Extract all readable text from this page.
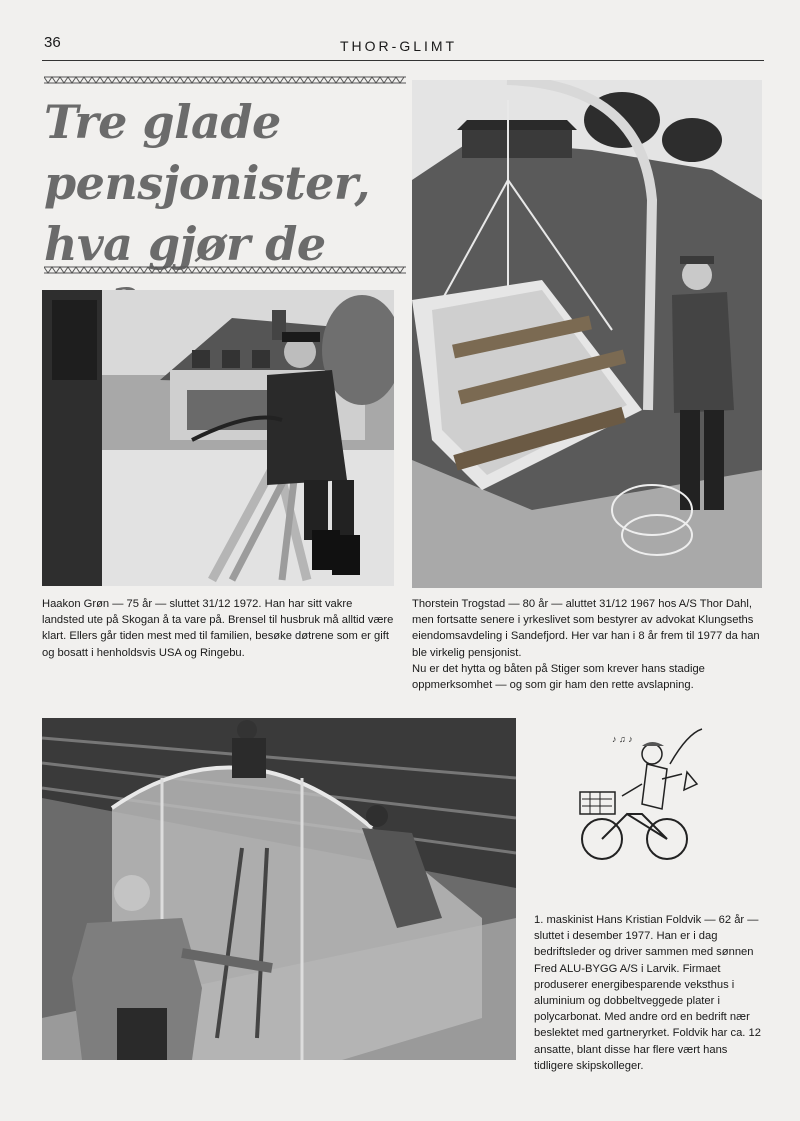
36	THOR-GLIMT
Tre glade
pensjonister,
hva gjør de

Haakon Grøn — 75 år — sluttet 31/12 1972. Han har sitt vakre landsted ute på Skogan å ta vare på. Brensel til husbruk må alltid være klart. Ellers går tiden mest med til familien, besøke døtrene som er gift og bosatt i henholdsvis USA og Ringebu.

Thorstein Trogstad — 80 år — aluttet 31/12 1967 hos A/S Thor Dahl, men fortsatte senere i yrkeslivet som bestyrer av advokat Klungseths eiendomsavdeling i Sandefjord. Her var han i 8 år frem til 1977 da han ble virkelig pensjonist.

Nu er det hytta og båten på Stiger som krever hans stadige oppmerksomhet — og som gir ham den rette avslapning.

♪ ♫ ♪

1. maskinist Hans Kristian Foldvik — 62 år — sluttet i desember 1977. Han er i dag bedriftsleder og driver sammen med sønnen Fred ALU-BYGG A/S i Larvik. Firmaet produserer energibesparende veksthus i aluminium og dobbeltveggede plater i polycarbonat. Med andre ord en bedrift nær beslektet med gartneryrket. Foldvik har ca. 12 ansatte, blant disse har flere vært hans tidligere skipskolleger.
